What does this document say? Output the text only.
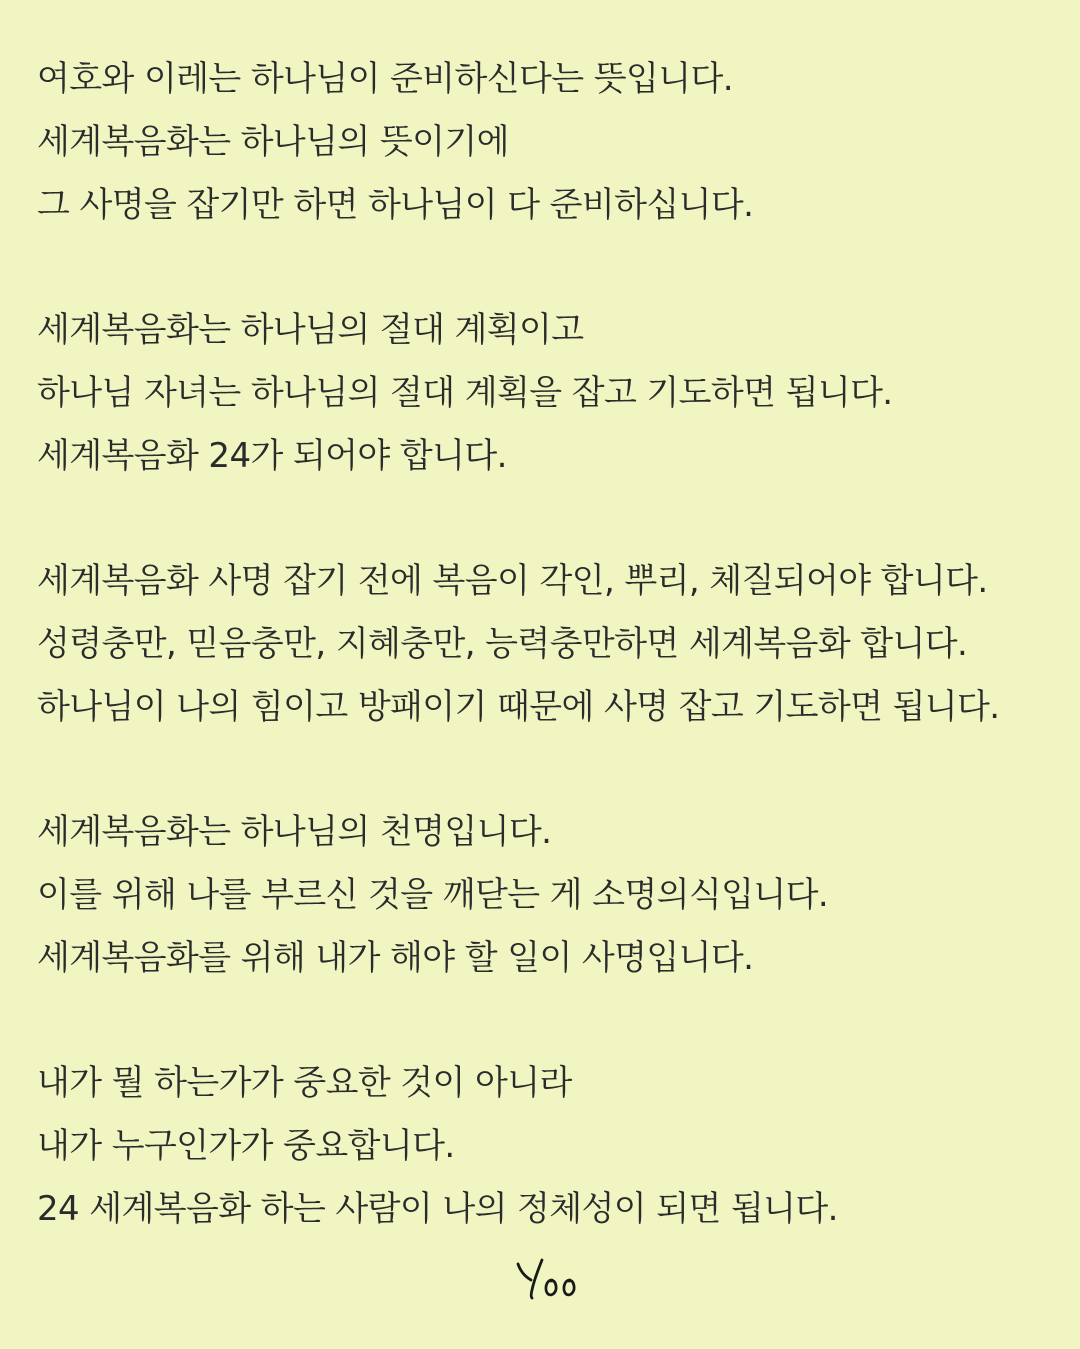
여호와 이레는 하나님이 준비하신다는 뜻입니다.
세계복음화는 하나님의 뜻이기에
그 사명을 잡기만 하면 하나님이 다 준비하십니다.
세계복음화는 하나님의 절대 계획이고
하나님 자녀는 하나님의 절대 계획을 잡고 기도하면 됩니다.
세계복음화 24가 되어야 합니다.
세계복음화 사명 잡기 전에 복음이 각인, 뿌리, 체질되어야 합니다.
성령충만, 믿음충만, 지혜충만, 능력충만하면 세계복음화 합니다.
하나님이 나의 힘이고 방패이기 때문에 사명 잡고 기도하면 됩니다.
세계복음화는 하나님의 천명입니다.
이를 위해 나를 부르신 것을 깨닫는 게 소명의식입니다.
세계복음화를 위해 내가 해야 할 일이 사명입니다.
내가 뭘 하는가가 중요한 것이 아니라
내가 누구인가가 중요합니다.
24 세계복음화 하는 사람이 나의 정체성이 되면 됩니다.
